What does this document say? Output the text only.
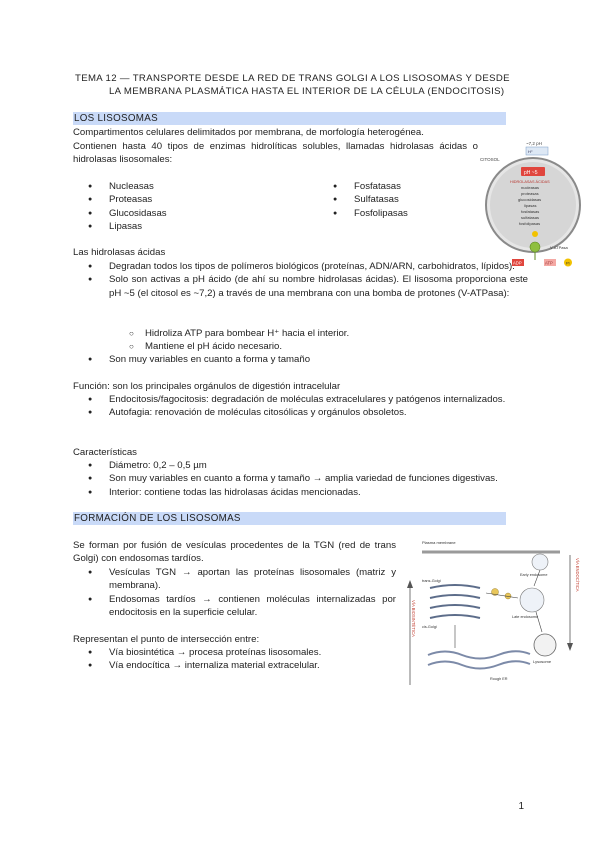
TEMA 12 — TRANSPORTE DESDE LA RED DE TRANS GOLGI A LOS LISOSOMAS Y DESDE
LA MEMBRANA PLASMÁTICA HASTA EL INTERIOR DE LA CÉLULA (ENDOCITOSIS)
LOS LISOSOMAS
Compartimentos celulares delimitados por membrana, de morfología heterogénea.
Contienen hasta 40 tipos de enzimas hidrolíticas solubles, llamadas hidrolasas ácidas o hidrolasas lisosomales:
● Nucleasas
● Proteasas
● Glucosidasas
● Lipasas
● Fosfatasas
● Sulfatasas
● Fosfolipasas
~7,2 pH
H⁺
CITOSOL
pH ~5
HIDROLASAS ÁCIDAS
nucleasas
proteasas
glucosidasas
lipasas
fosfatasas
sulfatasas
fosfolipasas
V-ATPasa
ADP	ATP	Pi
Las hidrolasas ácidas
● Degradan todos los tipos de polímeros biológicos (proteínas, ADN/ARN, carbohidratos, lípidos).
● Solo son activas a pH ácido (de ahí su nombre hidrolasas ácidas). El lisosoma proporciona este pH ~5 (el citosol es ~7,2) a través de una membrana con una bomba de protones (V-ATPasa):
○ Hidroliza ATP para bombear H⁺ hacia el interior.
○ Mantiene el pH ácido necesario.
● Son muy variables en cuanto a forma y tamaño
Función: son los principales orgánulos de digestión intracelular
● Endocitosis/fagocitosis: degradación de moléculas extracelulares y patógenos internalizados.
● Autofagia: renovación de moléculas citosólicas y orgánulos obsoletos.
Características
● Diámetro: 0,2 – 0,5 µm
● Son muy variables en cuanto a forma y tamaño → amplia variedad de funciones digestivas.
● Interior: contiene todas las hidrolasas ácidas mencionadas.
FORMACIÓN DE LOS LISOSOMAS
Se forman por fusión de vesículas procedentes de la TGN (red de trans Golgi) con endosomas tardíos.
● Vesículas TGN → aportan las proteínas lisosomales (matriz y membrana).
● Endosomas tardíos → contienen moléculas internalizadas por endocitosis en la superficie celular.
Representan el punto de intersección entre:
● Vía biosintética → procesa proteínas lisosomales.
● Vía endocítica → internaliza material extracelular.
VÍA BIOSINTÉTICA
VÍA ENDOCÍTICA
Plasma membrane
Early endosome
Late endosome
Lysosome
trans-Golgi
cis-Golgi
Rough ER
1
